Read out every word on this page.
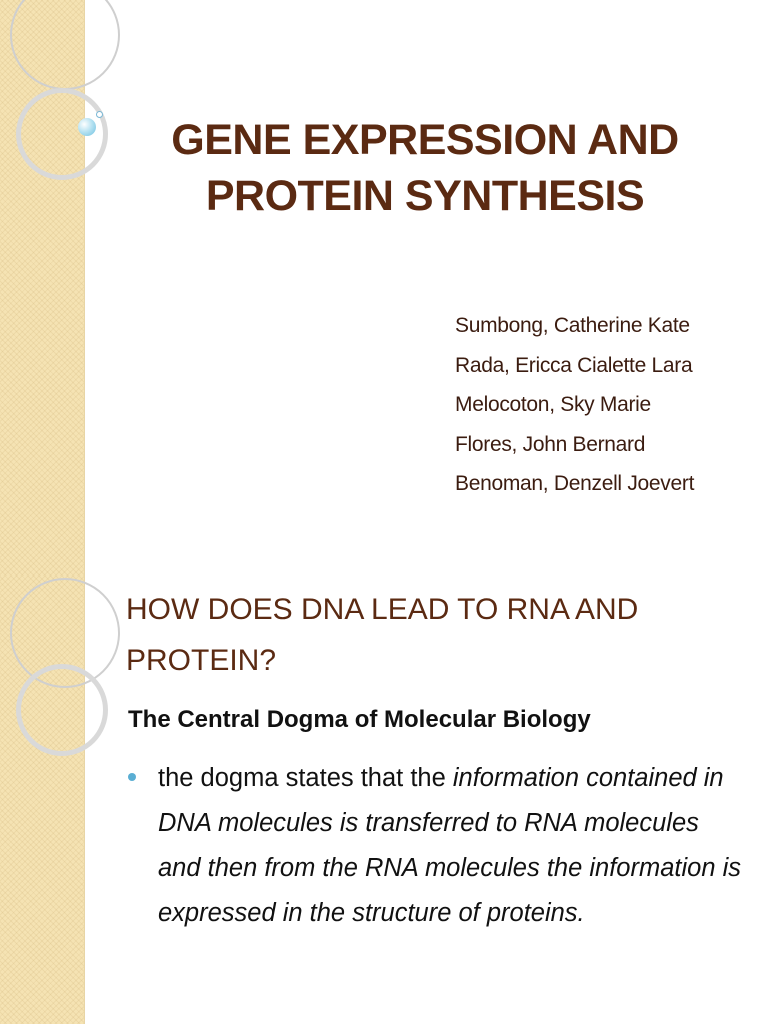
GENE EXPRESSION AND PROTEIN SYNTHESIS
Sumbong, Catherine Kate
Rada, Ericca Cialette Lara
Melocoton, Sky Marie
Flores, John Bernard
Benoman, Denzell Joevert
HOW DOES DNA LEAD TO RNA AND PROTEIN?

The Central Dogma of Molecular Biology

the dogma states that the information contained in DNA molecules is transferred to RNA molecules and then from the RNA molecules the information is expressed in the structure of proteins.
